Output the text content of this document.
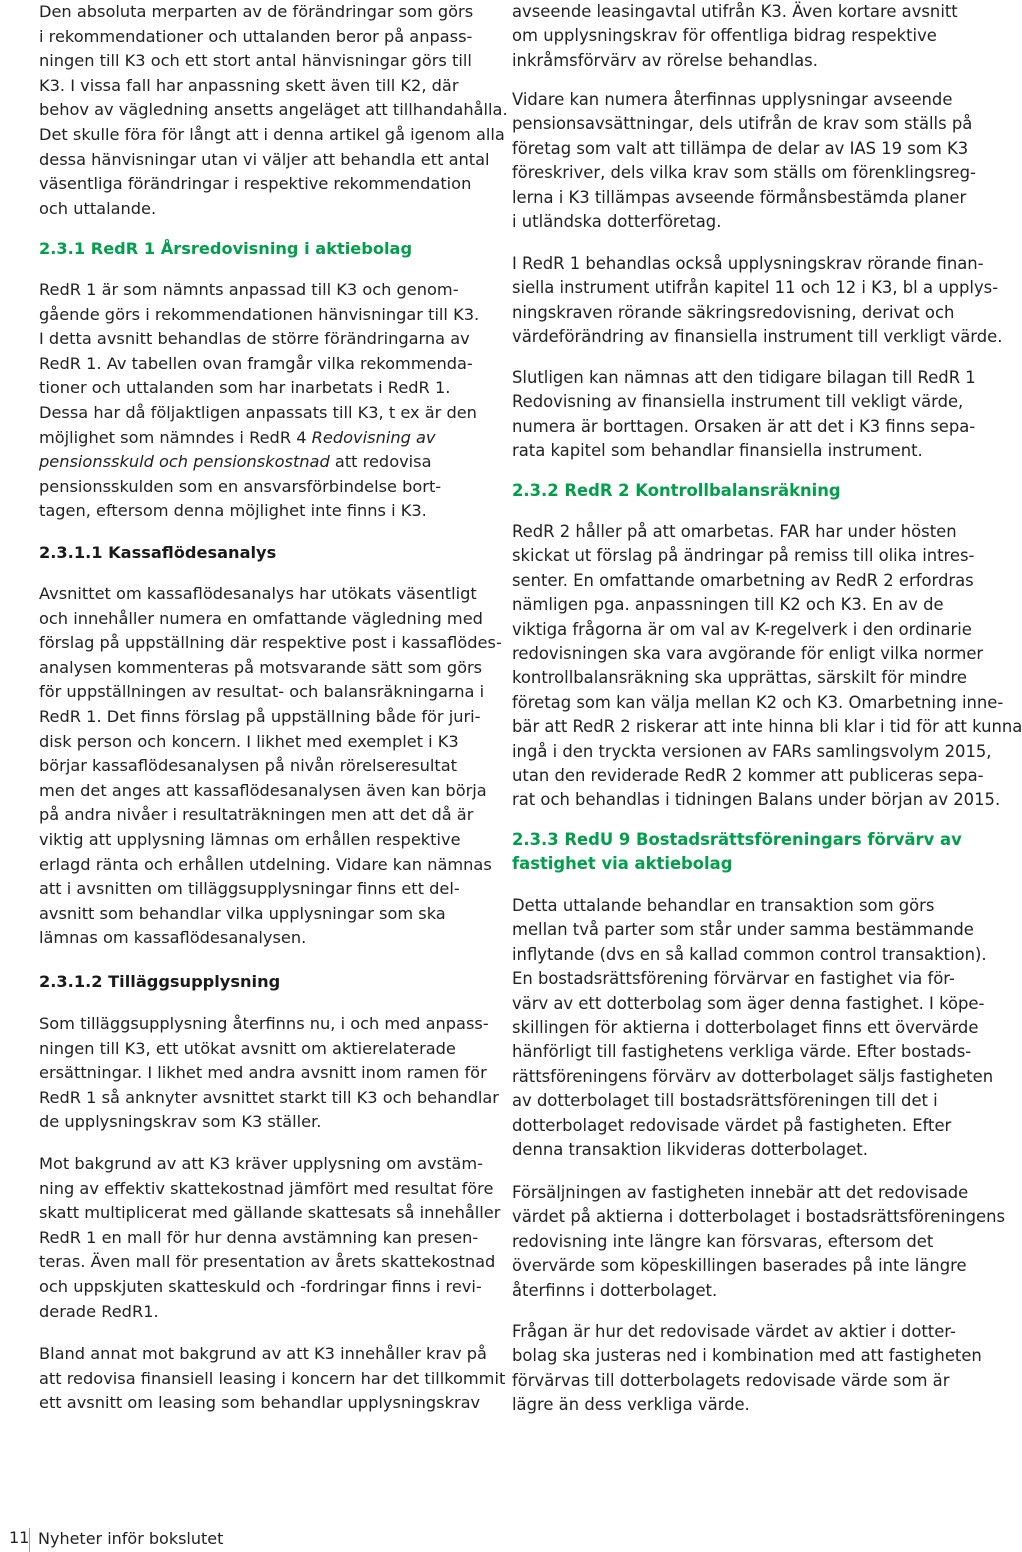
Den absoluta merparten av de förändringar som görs
i rekommendationer och uttalanden beror på anpass-
ningen till K3 och ett stort antal hänvisningar görs till
K3. I vissa fall har anpassning skett även till K2, där
behov av vägledning ansetts angeläget att tillhandahålla.
Det skulle föra för långt att i denna artikel gå igenom alla
dessa hänvisningar utan vi väljer att behandla ett antal
väsentliga förändringar i respektive rekommendation
och uttalande.
2.3.1 RedR 1 Årsredovisning i aktiebolag
RedR 1 är som nämnts anpassad till K3 och genom-
gående görs i rekommendationen hänvisningar till K3.
I detta avsnitt behandlas de större förändringarna av
RedR 1. Av tabellen ovan framgår vilka rekommenda-
tioner och uttalanden som har inarbetats i RedR 1.
Dessa har då följaktligen anpassats till K3, t ex är den
möjlighet som nämndes i RedR 4 Redovisning av
pensionsskuld och pensionskostnad att redovisa
pensionsskulden som en ansvarsförbindelse bort-
tagen, eftersom denna möjlighet inte finns i K3.
2.3.1.1 Kassaflödesanalys
Avsnittet om kassaflödesanalys har utökats väsentligt
och innehåller numera en omfattande vägledning med
förslag på uppställning där respektive post i kassaflödes-
analysen kommenteras på motsvarande sätt som görs
för uppställningen av resultat- och balansräkningarna i
RedR 1. Det finns förslag på uppställning både för juri-
disk person och koncern. I likhet med exemplet i K3
börjar kassaflödesanalysen på nivån rörelseresultat
men det anges att kassaflödesanalysen även kan börja
på andra nivåer i resultaträkningen men att det då är
viktig att upplysning lämnas om erhållen respektive
erlagd ränta och erhållen utdelning. Vidare kan nämnas
att i avsnitten om tilläggsupplysningar finns ett del-
avsnitt som behandlar vilka upplysningar som ska
lämnas om kassaflödesanalysen.
2.3.1.2 Tilläggsupplysning
Som tilläggsupplysning återfinns nu, i och med anpass-
ningen till K3, ett utökat avsnitt om aktierelaterade
ersättningar. I likhet med andra avsnitt inom ramen för
RedR 1 så anknyter avsnittet starkt till K3 och behandlar
de upplysningskrav som K3 ställer.
Mot bakgrund av att K3 kräver upplysning om avstäm-
ning av effektiv skattekostnad jämfört med resultat före
skatt multiplicerat med gällande skattesats så innehåller
RedR 1 en mall för hur denna avstämning kan presen-
teras. Även mall för presentation av årets skattekostnad
och uppskjuten skatteskuld och -fordringar finns i revi-
derade RedR1.
Bland annat mot bakgrund av att K3 innehåller krav på
att redovisa finansiell leasing i koncern har det tillkommit
ett avsnitt om leasing som behandlar upplysningskrav
avseende leasingavtal utifrån K3. Även kortare avsnitt
om upplysningskrav för offentliga bidrag respektive
inkråmsförvärv av rörelse behandlas.
Vidare kan numera återfinnas upplysningar avseende
pensionsavsättningar, dels utifrån de krav som ställs på
företag som valt att tillämpa de delar av IAS 19 som K3
föreskriver, dels vilka krav som ställs om förenklingsreg-
lerna i K3 tillämpas avseende förmånsbestämda planer
i utländska dotterföretag.
I RedR 1 behandlas också upplysningskrav rörande finan-
siella instrument utifrån kapitel 11 och 12 i K3, bl a upplys-
ningskraven rörande säkringsredovisning, derivat och
värdeförändring av finansiella instrument till verkligt värde.
Slutligen kan nämnas att den tidigare bilagan till RedR 1
Redovisning av finansiella instrument till vekligt värde,
numera är borttagen. Orsaken är att det i K3 finns sepa-
rata kapitel som behandlar finansiella instrument.
2.3.2 RedR 2 Kontrollbalansräkning
RedR 2 håller på att omarbetas. FAR har under hösten
skickat ut förslag på ändringar på remiss till olika intres-
senter. En omfattande omarbetning av RedR 2 erfordras
nämligen pga. anpassningen till K2 och K3. En av de
viktiga frågorna är om val av K-regelverk i den ordinarie
redovisningen ska vara avgörande för enligt vilka normer
kontrollbalansräkning ska upprättas, särskilt för mindre
företag som kan välja mellan K2 och K3. Omarbetning inne-
bär att RedR 2 riskerar att inte hinna bli klar i tid för att kunna
ingå i den tryckta versionen av FARs samlingsvolym 2015,
utan den reviderade RedR 2 kommer att publiceras sepa-
rat och behandlas i tidningen Balans under början av 2015.
2.3.3 RedU 9 Bostadsrättsföreningars förvärv av
fastighet via aktiebolag
Detta uttalande behandlar en transaktion som görs
mellan två parter som står under samma bestämmande
inflytande (dvs en så kallad common control transaktion).
En bostadsrättsförening förvärvar en fastighet via för-
värv av ett dotterbolag som äger denna fastighet. I köpe-
skillingen för aktierna i dotterbolaget finns ett övervärde
hänförligt till fastighetens verkliga värde. Efter bostads-
rättsföreningens förvärv av dotterbolaget säljs fastigheten
av dotterbolaget till bostadsrättsföreningen till det i
dotterbolaget redovisade värdet på fastigheten. Efter
denna transaktion likvideras dotterbolaget.
Försäljningen av fastigheten innebär att det redovisade
värdet på aktierna i dotterbolaget i bostadsrättsföreningens
redovisning inte längre kan försvaras, eftersom det
övervärde som köpeskillingen baserades på inte längre
återfinns i dotterbolaget.
Frågan är hur det redovisade värdet av aktier i dotter-
bolag ska justeras ned i kombination med att fastigheten
förvärvas till dotterbolagets redovisade värde som är
lägre än dess verkliga värde.
11 Nyheter inför bokslutet
